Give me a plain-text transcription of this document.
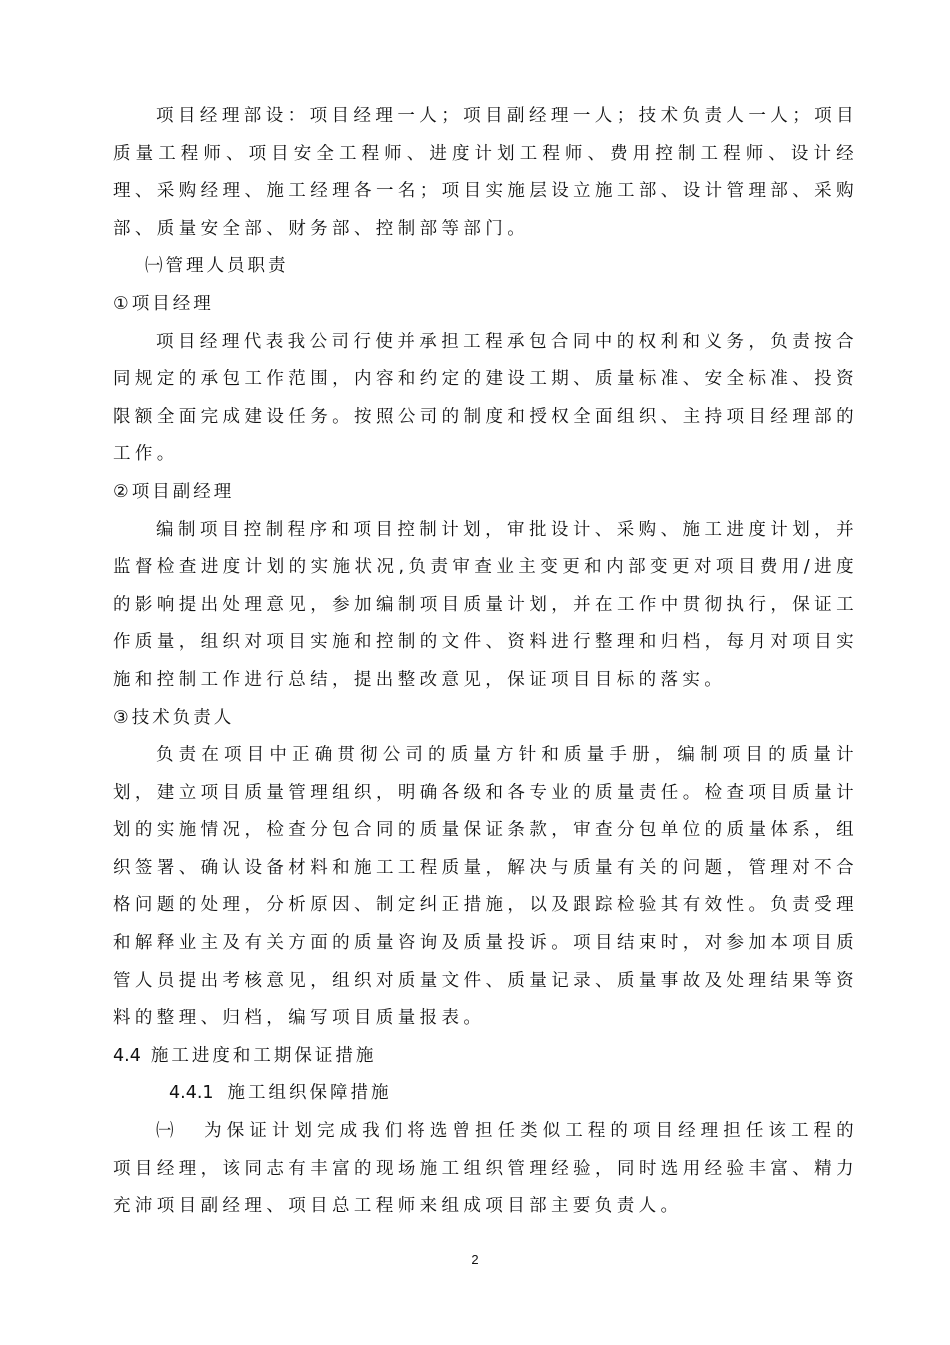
项目经理部设：项目经理一人；项目副经理一人；技术负责人一人；项目质量工程师、项目安全工程师、进度计划工程师、费用控制工程师、设计经理、采购经理、施工经理各一名；项目实施层设立施工部、设计管理部、采购部、质量安全部、财务部、控制部等部门。

㈠管理人员职责

①项目经理

项目经理代表我公司行使并承担工程承包合同中的权利和义务，负责按合同规定的承包工作范围，内容和约定的建设工期、质量标准、安全标准、投资限额全面完成建设任务。按照公司的制度和授权全面组织、主持项目经理部的工作。

②项目副经理

编制项目控制程序和项目控制计划，审批设计、采购、施工进度计划，并监督检查进度计划的实施状况,负责审查业主变更和内部变更对项目费用/进度的影响提出处理意见，参加编制项目质量计划，并在工作中贯彻执行，保证工作质量，组织对项目实施和控制的文件、资料进行整理和归档，每月对项目实施和控制工作进行总结，提出整改意见，保证项目目标的落实。

③技术负责人

负责在项目中正确贯彻公司的质量方针和质量手册，编制项目的质量计划，建立项目质量管理组织，明确各级和各专业的质量责任。检查项目质量计划的实施情况，检查分包合同的质量保证条款，审查分包单位的质量体系，组织签署、确认设备材料和施工工程质量，解决与质量有关的问题，管理对不合格问题的处理，分析原因、制定纠正措施，以及跟踪检验其有效性。负责受理和解释业主及有关方面的质量咨询及质量投诉。项目结束时，对参加本项目质管人员提出考核意见，组织对质量文件、质量记录、质量事故及处理结果等资料的整理、归档，编写项目质量报表。

4.4 施工进度和工期保证措施

4.4.1 施工组织保障措施

㈠ 为保证计划完成我们将选曾担任类似工程的项目经理担任该工程的项目经理，该同志有丰富的现场施工组织管理经验，同时选用经验丰富、精力充沛项目副经理、项目总工程师来组成项目部主要负责人。

2
